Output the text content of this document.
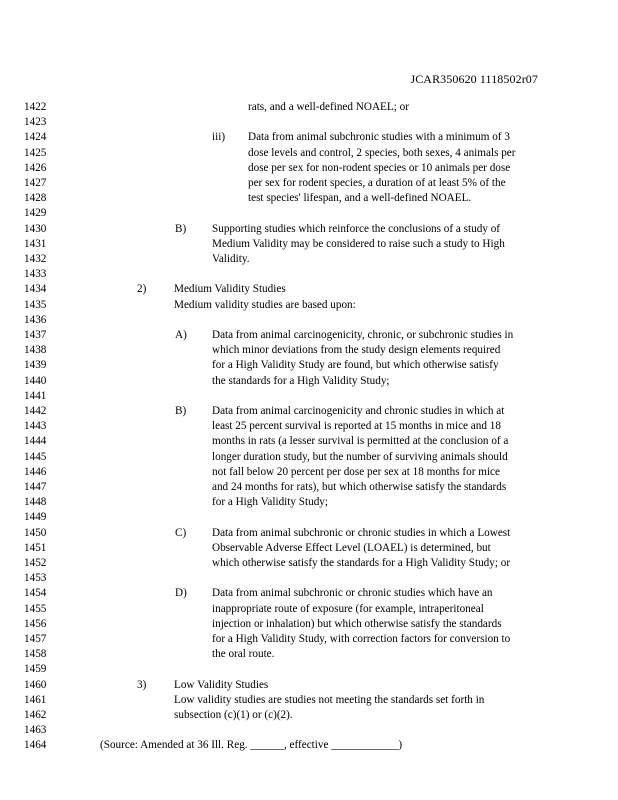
JCAR350620 1118502r07
1422	rats, and a well-defined NOAEL; or
1423
1424	iii) Data from animal subchronic studies with a minimum of 3
1425	dose levels and control, 2 species, both sexes, 4 animals per
1426	dose per sex for non-rodent species or 10 animals per dose
1427	per sex for rodent species, a duration of at least 5% of the
1428	test species' lifespan, and a well-defined NOAEL.
1429
1430	B) Supporting studies which reinforce the conclusions of a study of
1431	Medium Validity may be considered to raise such a study to High
1432	Validity.
1433
1434	2) Medium Validity Studies
1435	Medium validity studies are based upon:
1436
1437	A) Data from animal carcinogenicity, chronic, or subchronic studies in
1438	which minor deviations from the study design elements required
1439	for a High Validity Study are found, but which otherwise satisfy
1440	the standards for a High Validity Study;
1441
1442	B) Data from animal carcinogenicity and chronic studies in which at
1443	least 25 percent survival is reported at 15 months in mice and 18
1444	months in rats (a lesser survival is permitted at the conclusion of a
1445	longer duration study, but the number of surviving animals should
1446	not fall below 20 percent per dose per sex at 18 months for mice
1447	and 24 months for rats), but which otherwise satisfy the standards
1448	for a High Validity Study;
1449
1450	C) Data from animal subchronic or chronic studies in which a Lowest
1451	Observable Adverse Effect Level (LOAEL) is determined, but
1452	which otherwise satisfy the standards for a High Validity Study; or
1453
1454	D) Data from animal subchronic or chronic studies which have an
1455	inappropriate route of exposure (for example, intraperitoneal
1456	injection or inhalation) but which otherwise satisfy the standards
1457	for a High Validity Study, with correction factors for conversion to
1458	the oral route.
1459
1460	3) Low Validity Studies
1461	Low validity studies are studies not meeting the standards set forth in
1462	subsection (c)(1) or (c)(2).
1463
1464	(Source: Amended at 36 Ill. Reg. ______, effective ____________)
